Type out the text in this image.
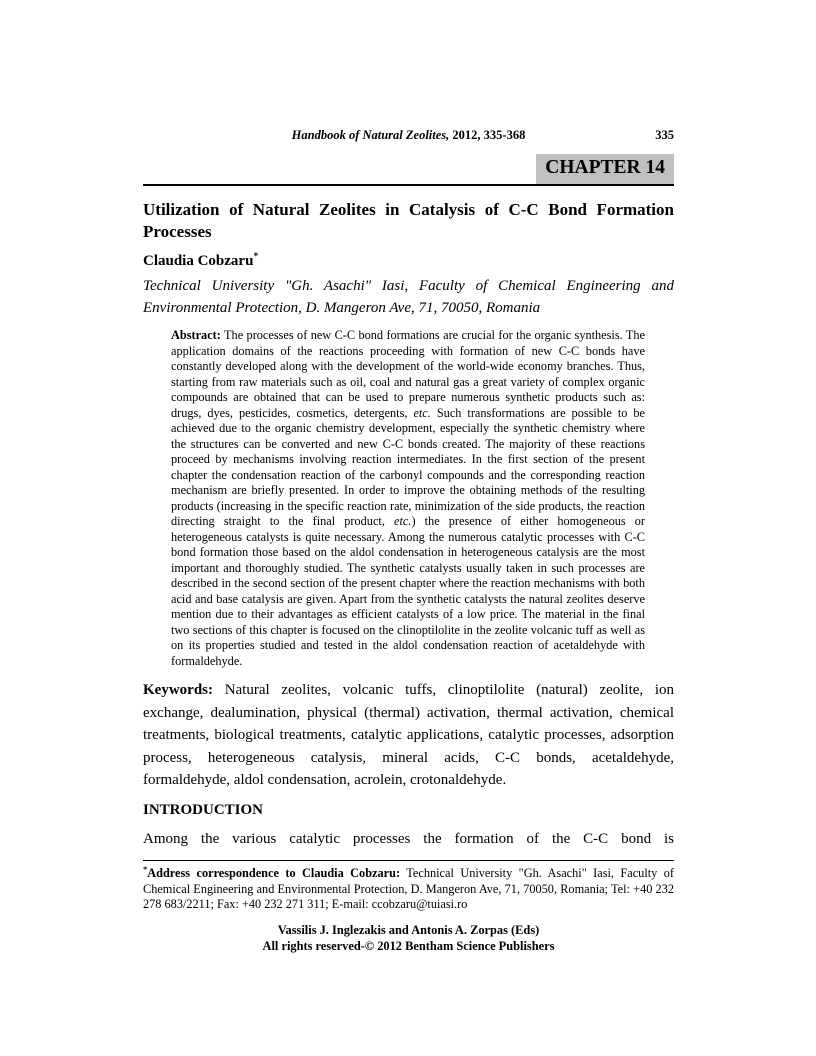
Handbook of Natural Zeolites, 2012, 335-368	335
CHAPTER 14
Utilization of Natural Zeolites in Catalysis of C-C Bond Formation Processes

Claudia Cobzaru*

Technical University "Gh. Asachi" Iasi, Faculty of Chemical Engineering and Environmental Protection, D. Mangeron Ave, 71, 70050, Romania

Abstract: The processes of new C-C bond formations are crucial for the organic synthesis. The application domains of the reactions proceeding with formation of new C-C bonds have constantly developed along with the development of the world-wide economy branches. Thus, starting from raw materials such as oil, coal and natural gas a great variety of complex organic compounds are obtained that can be used to prepare numerous synthetic products such as: drugs, dyes, pesticides, cosmetics, detergents, etc. Such transformations are possible to be achieved due to the organic chemistry development, especially the synthetic chemistry where the structures can be converted and new C-C bonds created. The majority of these reactions proceed by mechanisms involving reaction intermediates. In the first section of the present chapter the condensation reaction of the carbonyl compounds and the corresponding reaction mechanism are briefly presented. In order to improve the obtaining methods of the resulting products (increasing in the specific reaction rate, minimization of the side products, the reaction directing straight to the final product, etc.) the presence of either homogeneous or heterogeneous catalysts is quite necessary. Among the numerous catalytic processes with C-C bond formation those based on the aldol condensation in heterogeneous catalysis are the most important and thoroughly studied. The synthetic catalysts usually taken in such processes are described in the second section of the present chapter where the reaction mechanisms with both acid and base catalysis are given. Apart from the synthetic catalysts the natural zeolites deserve mention due to their advantages as efficient catalysts of a low price. The material in the final two sections of this chapter is focused on the clinoptilolite in the zeolite volcanic tuff as well as on its properties studied and tested in the aldol condensation reaction of acetaldehyde with formaldehyde.

Keywords: Natural zeolites, volcanic tuffs, clinoptilolite (natural) zeolite, ion exchange, dealumination, physical (thermal) activation, thermal activation, chemical treatments, biological treatments, catalytic applications, catalytic processes, adsorption process, heterogeneous catalysis, mineral acids, C-C bonds, acetaldehyde, formaldehyde, aldol condensation, acrolein, crotonaldehyde.

INTRODUCTION

Among the various catalytic processes the formation of the C-C bond is

*Address correspondence to Claudia Cobzaru: Technical University "Gh. Asachi" Iasi, Faculty of Chemical Engineering and Environmental Protection, D. Mangeron Ave, 71, 70050, Romania; Tel: +40 232 278 683/2211; Fax: +40 232 271 311; E-mail: ccobzaru@tuiasi.ro

Vassilis J. Inglezakis and Antonis A. Zorpas (Eds)

All rights reserved-© 2012 Bentham Science Publishers
